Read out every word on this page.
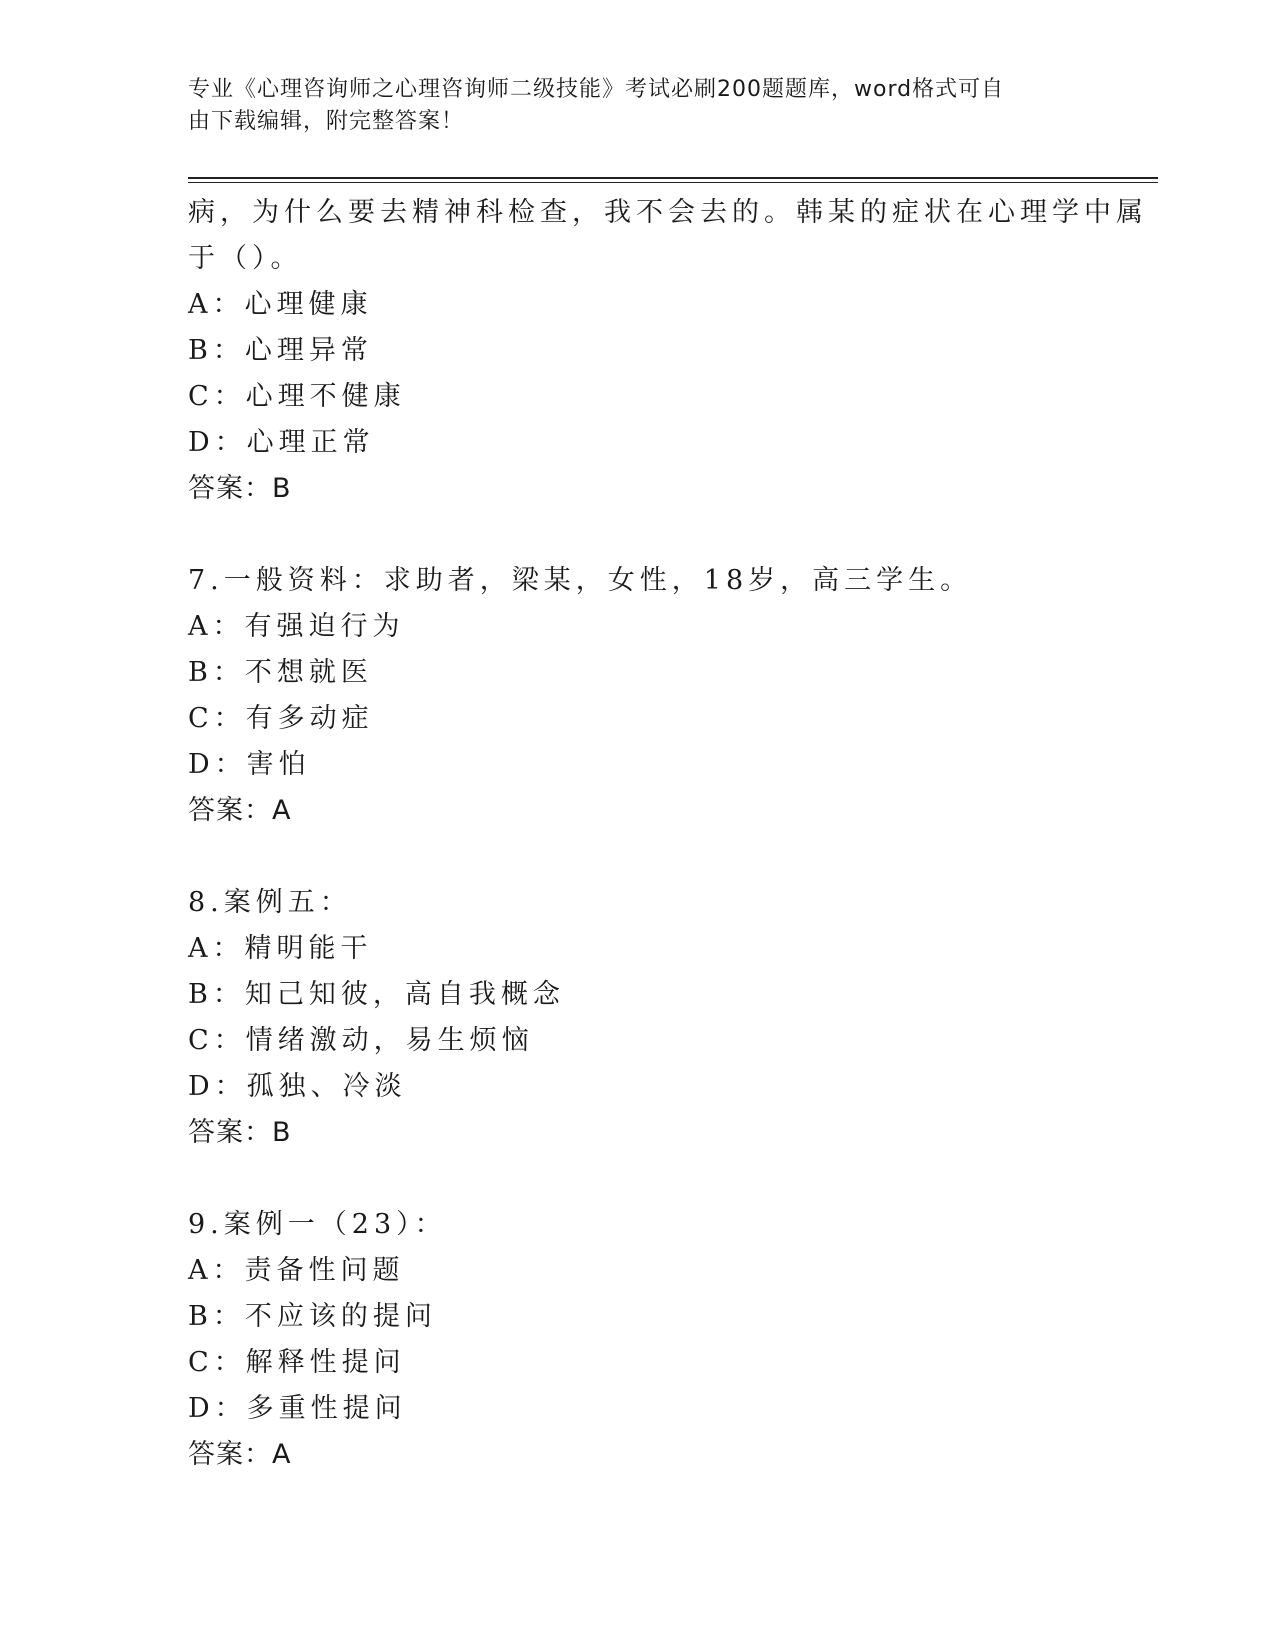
专业《心理咨询师之心理咨询师二级技能》考试必刷200题题库，word格式可自
由下载编辑，附完整答案！
病，为什么要去精神科检查，我不会去的。韩某的症状在心理学中属
于（）。
A：心理健康
B：心理异常
C：心理不健康
D：心理正常
答案：B
7.一般资料：求助者，梁某，女性，18岁，高三学生。
A：有强迫行为
B：不想就医
C：有多动症
D：害怕
答案：A
8.案例五：
A：精明能干
B：知己知彼，高自我概念
C：情绪激动，易生烦恼
D：孤独、冷淡
答案：B
9.案例一（23）：
A：责备性问题
B：不应该的提问
C：解释性提问
D：多重性提问
答案：A
